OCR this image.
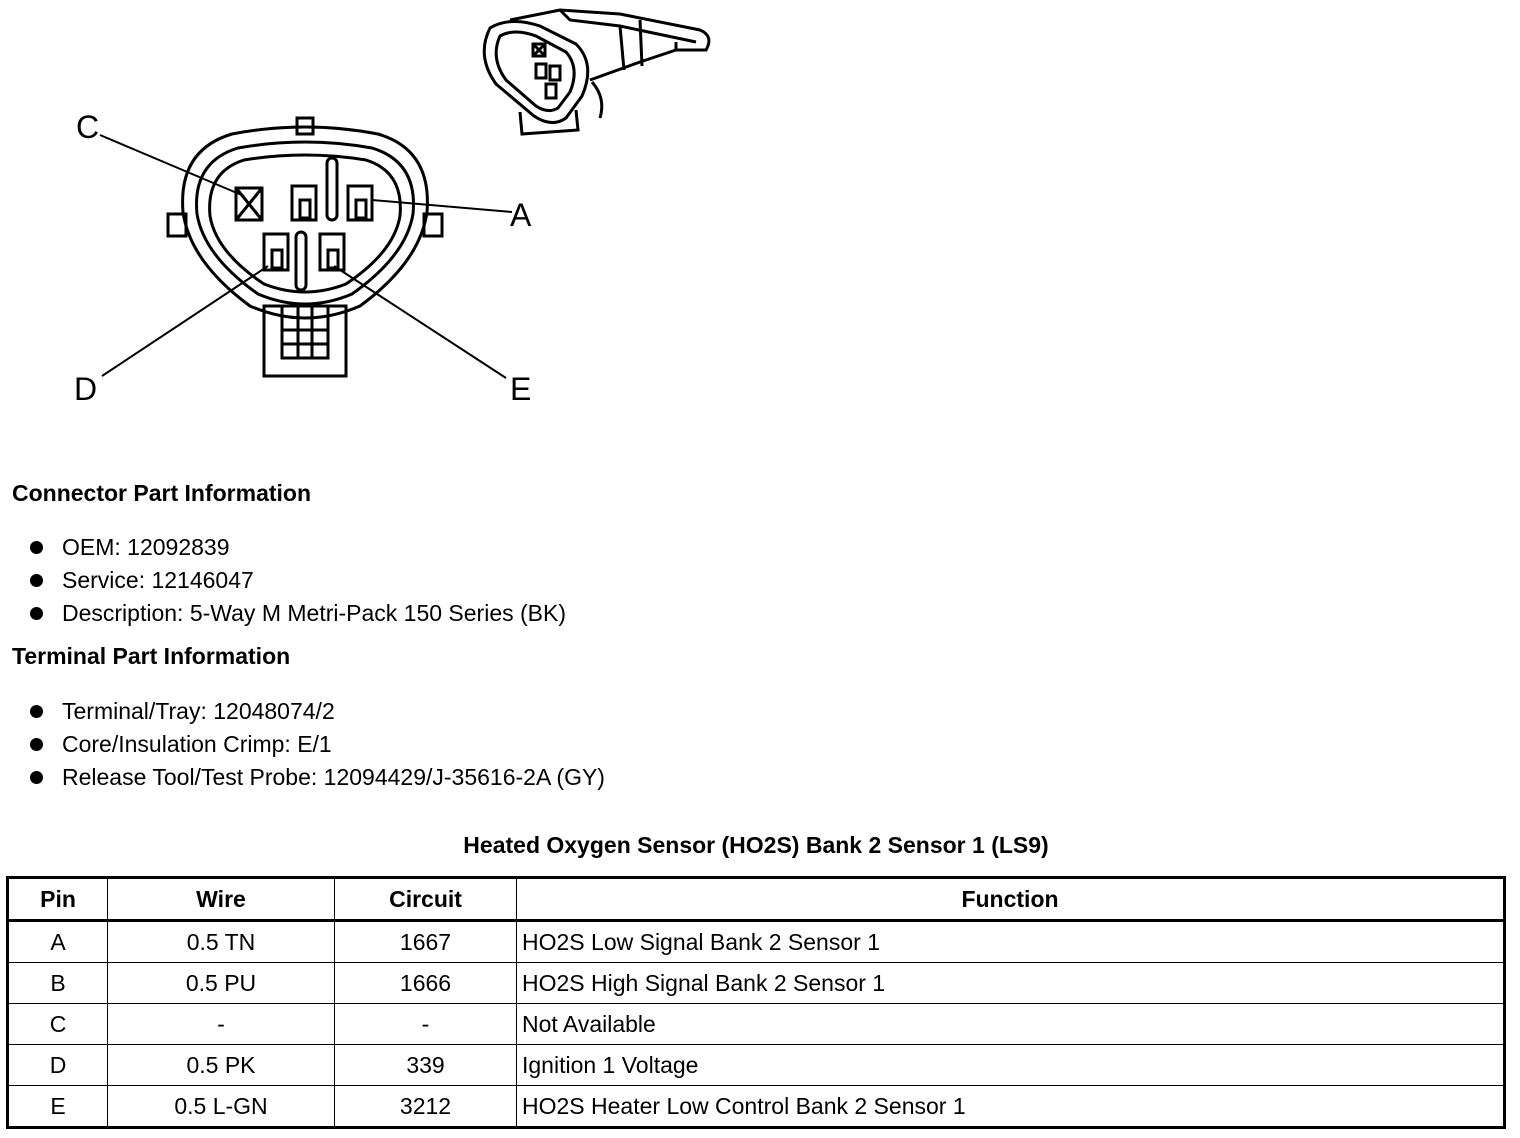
A
C
D	E
Connector Part Information
OEM: 12092839
Service: 12146047
Description: 5-Way M Metri-Pack 150 Series (BK)
Terminal Part Information
Terminal/Tray: 12048074/2
Core/Insulation Crimp: E/1
Release Tool/Test Probe: 12094429/J-35616-2A (GY)
Heated Oxygen Sensor (HO2S) Bank 2 Sensor 1 (LS9)
Pin	Wire	Circuit	Function
A	0.5 TN	1667	HO2S Low Signal Bank 2 Sensor 1
B	0.5 PU	1666	HO2S High Signal Bank 2 Sensor 1
C	-	-	Not Available
D	0.5 PK	339	Ignition 1 Voltage
E	0.5 L-GN	3212	HO2S Heater Low Control Bank 2 Sensor 1
